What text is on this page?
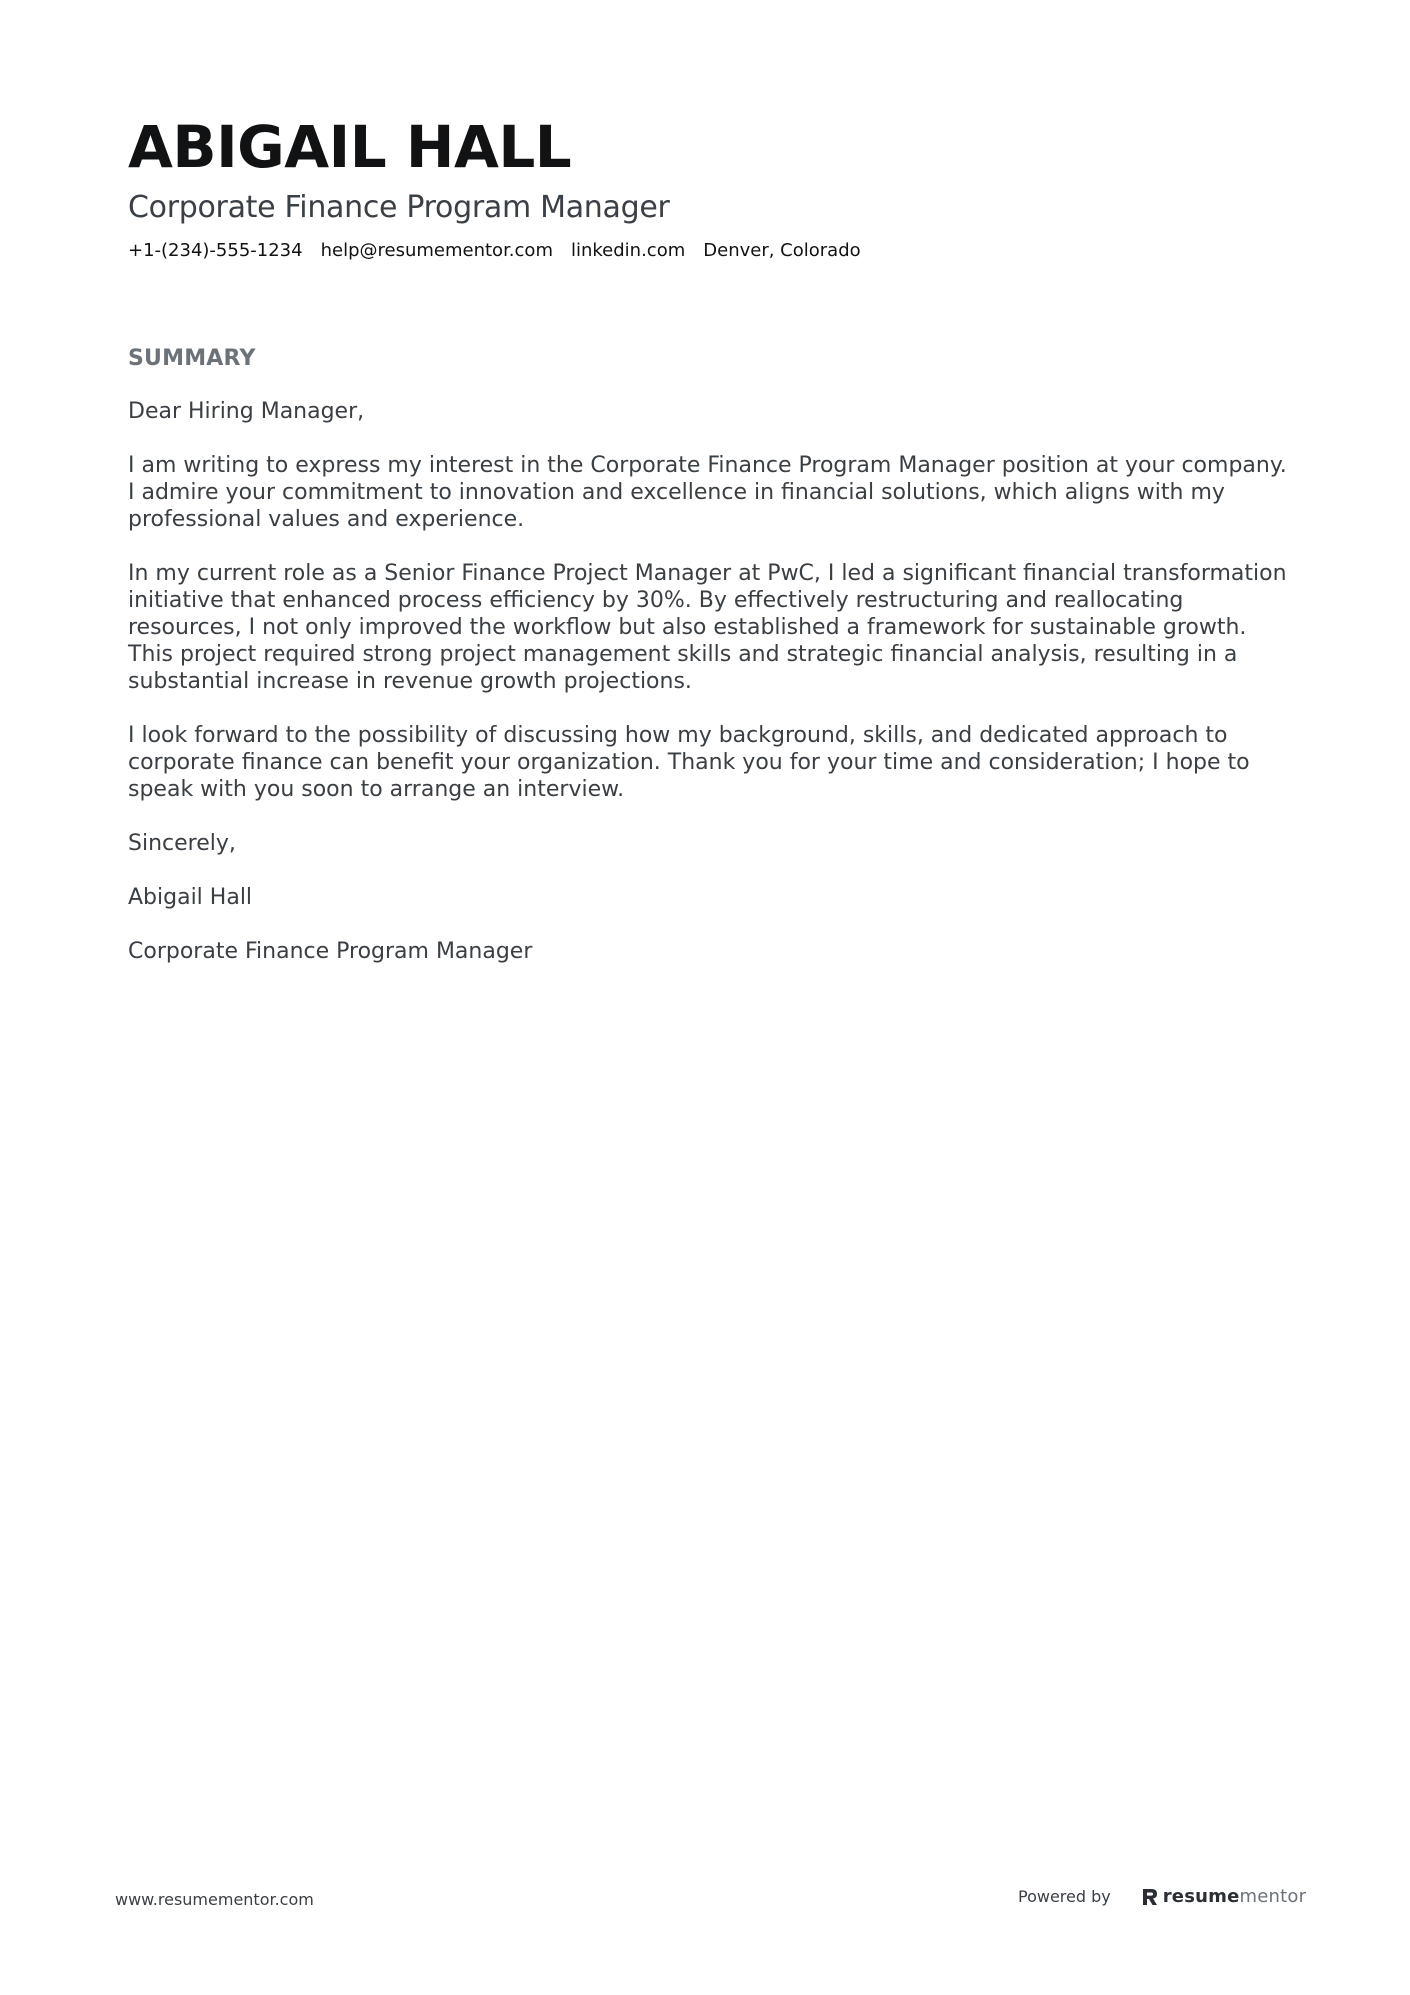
ABIGAIL HALL
Corporate Finance Program Manager
+1-(234)-555-1234 help@resumementor.com linkedin.com Denver, Colorado
SUMMARY

Dear Hiring Manager,

I am writing to express my interest in the Corporate Finance Program Manager position at your company. I admire your commitment to innovation and excellence in financial solutions, which aligns with my professional values and experience.

In my current role as a Senior Finance Project Manager at PwC, I led a significant financial transformation initiative that enhanced process efficiency by 30%. By effectively restructuring and reallocating resources, I not only improved the workflow but also established a framework for sustainable growth. This project required strong project management skills and strategic financial analysis, resulting in a substantial increase in revenue growth projections.

I look forward to the possibility of discussing how my background, skills, and dedicated approach to corporate finance can benefit your organization. Thank you for your time and consideration; I hope to speak with you soon to arrange an interview.

Sincerely,

Abigail Hall

Corporate Finance Program Manager

www.resumementor.com	Powered by	resume mentor
